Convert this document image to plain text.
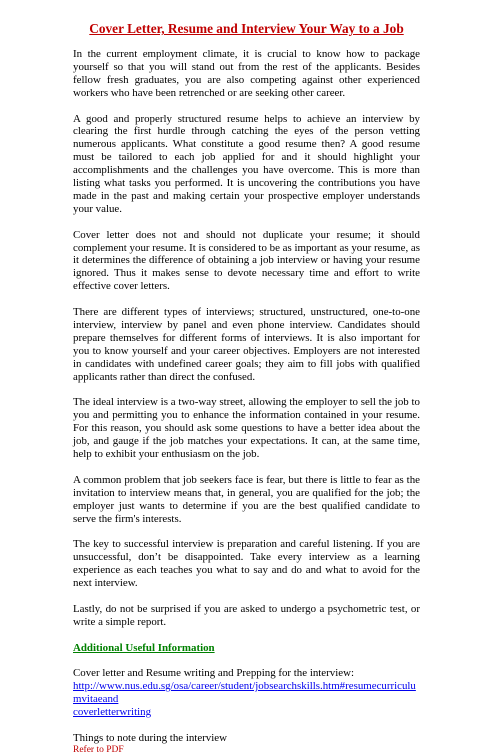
Cover Letter, Resume and Interview Your Way to a Job

In the current employment climate, it is crucial to know how to package yourself so that you will stand out from the rest of the applicants. Besides fellow fresh graduates, you are also competing against other experienced workers who have been retrenched or are seeking other career.

A good and properly structured resume helps to achieve an interview by clearing the first hurdle through catching the eyes of the person vetting numerous applicants. What constitute a good resume then? A good resume must be tailored to each job applied for and it should highlight your accomplishments and the challenges you have overcome. This is more than listing what tasks you performed. It is uncovering the contributions you have made in the past and making certain your prospective employer understands your value.

Cover letter does not and should not duplicate your resume; it should complement your resume. It is considered to be as important as your resume, as it determines the difference of obtaining a job interview or having your resume ignored. Thus it makes sense to devote necessary time and effort to write effective cover letters.

There are different types of interviews; structured, unstructured, one-to-one interview, interview by panel and even phone interview. Candidates should prepare themselves for different forms of interviews. It is also important for you to know yourself and your career objectives. Employers are not interested in candidates with undefined career goals; they aim to fill jobs with qualified applicants rather than direct the confused.

The ideal interview is a two-way street, allowing the employer to sell the job to you and permitting you to enhance the information contained in your resume. For this reason, you should ask some questions to have a better idea about the job, and gauge if the job matches your expectations. It can, at the same time, help to exhibit your enthusiasm on the job.

A common problem that job seekers face is fear, but there is little to fear as the invitation to interview means that, in general, you are qualified for the job; the employer just wants to determine if you are the best qualified candidate to serve the firm's interests.

The key to successful interview is preparation and careful listening. If you are unsuccessful, don’t be disappointed. Take every interview as a learning experience as each teaches you what to say and do and what to avoid for the next interview.

Lastly, do not be surprised if you are asked to undergo a psychometric test, or write a simple report.

Additional Useful Information
Cover letter and Resume writing and Prepping for the interview:
http://www.nus.edu.sg/osa/career/student/jobsearchskills.htm#resumecurriculumvitaeand
coverletterwriting

Things to note during the interview

Refer to PDF
